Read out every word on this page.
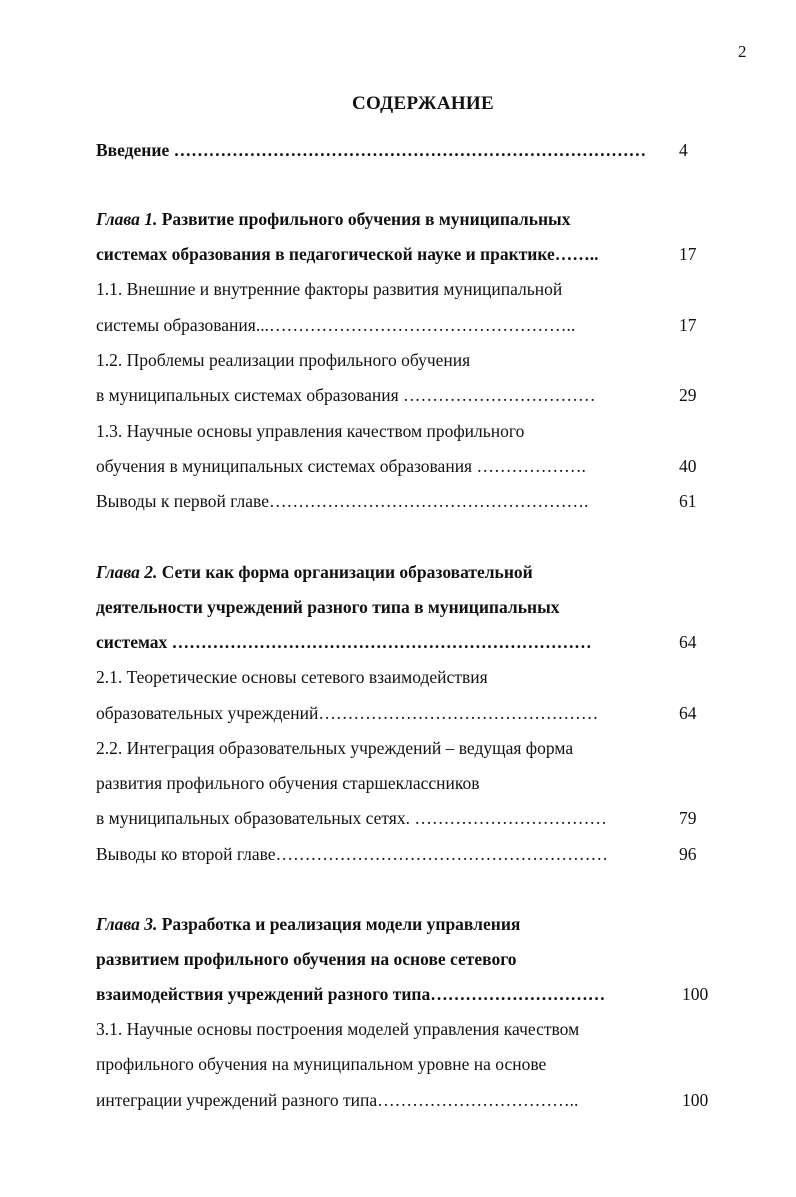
2
СОДЕРЖАНИЕ
Введение ……………………………………………………………………… 4
Глава 1. Развитие профильного обучения в муниципальных
системах образования в педагогической науке и практике……..	17
1.1. Внешние и внутренние факторы развития муниципальной
системы образования...……………………………………………..	17
1.2. Проблемы реализации профильного обучения
в муниципальных системах образования ……………………………	29
1.3. Научные основы управления качеством профильного
обучения в муниципальных системах образования ……………….	40
Выводы к первой главе……………………………………………….	61
Глава 2. Сети как форма организации образовательной
деятельности учреждений разного типа в муниципальных
системах ………………………………………………………………	64
2.1. Теоретические основы сетевого взаимодействия
образовательных учреждений…………………………………………	64
2.2. Интеграция образовательных учреждений – ведущая форма
развития профильного обучения старшеклассников
в муниципальных образовательных сетях. ……………………………	79
Выводы ко второй главе…………………………………………………	96
Глава 3. Разработка и реализация модели управления
развитием профильного обучения на основе сетевого
взаимодействия учреждений разного типа…………………………	100
3.1. Научные основы построения моделей управления качеством
профильного обучения на муниципальном уровне на основе
интеграции учреждений разного типа……………………………..	100
